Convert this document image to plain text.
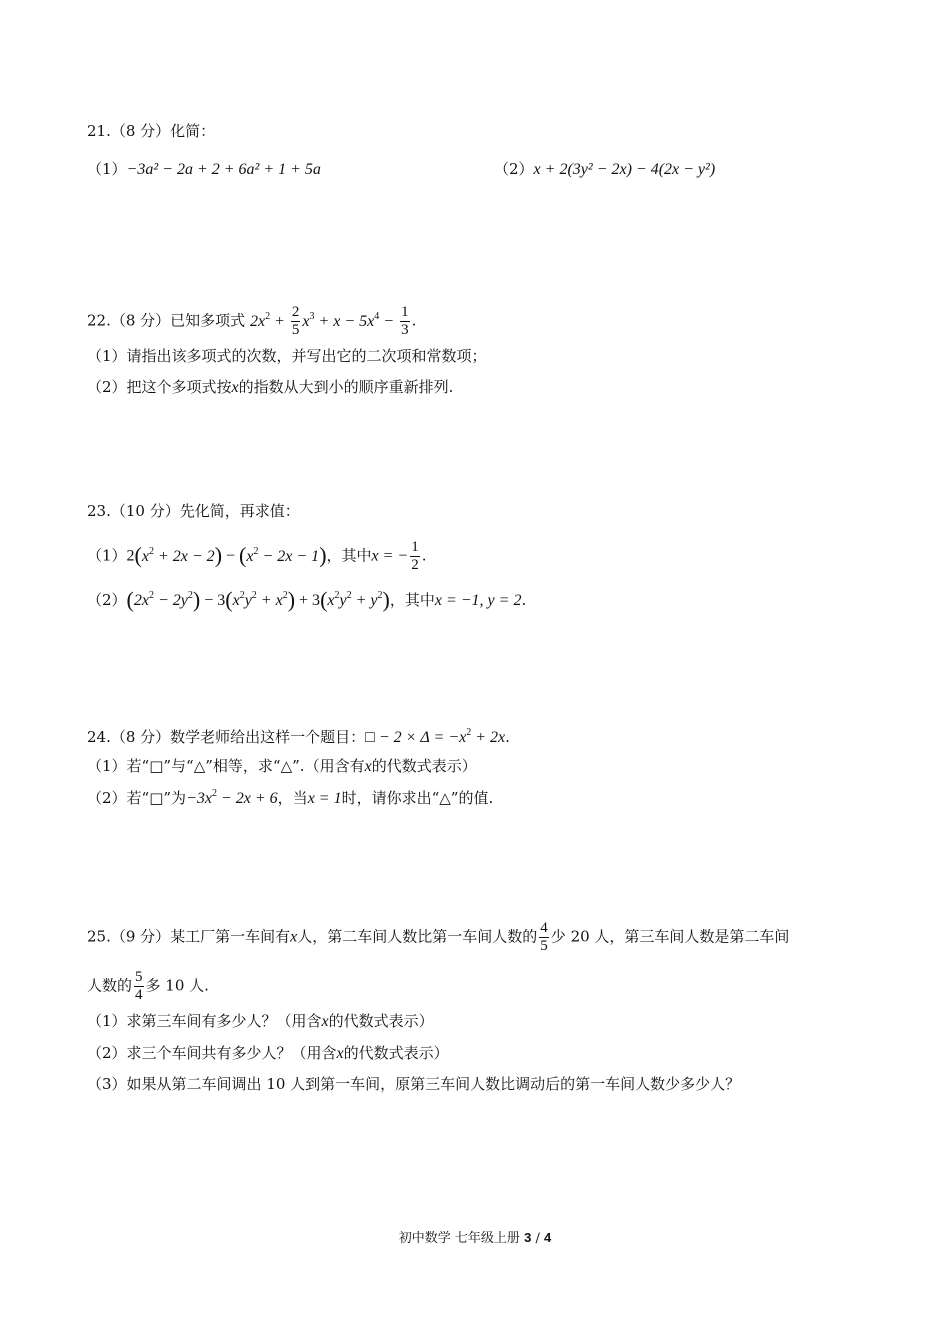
21.（8 分）化简：
（1）−3a² − 2a + 2 + 6a² + 1 + 5a	（2）x + 2(3y² − 2x) − 4(2x − y²)
22.（8 分）已知多项式 $2x^2 + \frac{2}{5} x^3 + x - 5x^4 - \frac{1}{3}$ .
（1）请指出该多项式的次数，并写出它的二次项和常数项；
（2）把这个多项式按x的指数从大到小的顺序重新排列.
23.（10 分）先化简，再求值：
$(1)2(x^2 + 2x - 2) - (x^2 - 2x - 1)$，其中x = − $\frac{1}{2}$ .
$(2)(2x^2 - 2y^2) - 3(x^2y^2 + x^2) + 3(x^2y^2 + y^2)$，其中x = −1, y = 2.
24.（8 分）数学老师给出这样一个题目：□ − $2 \times \Delta = -x^2 + 2x$.
（1）若“□”与“△”相等，求“△”.（用含有x的代数式表示）
（2）若“□”为$-3x^2 - 2x + 6$，当x = 1时，请你求出“△”的值.
25.（9 分）某工厂第一车间有x人，第二车间人数比第一车间人数的 $\frac{4}{5}$ 少 20 人，第三车间人数是第二车间
人数的 $\frac{5}{4}$ 多 10 人.
（1）求第三车间有多少人？（用含x的代数式表示）
（2）求三个车间共有多少人？（用含x的代数式表示）
（3）如果从第二车间调出 10 人到第一车间，原第三车间人数比调动后的第一车间人数少多少人？
初中数学 七年级上册 3 / 4
